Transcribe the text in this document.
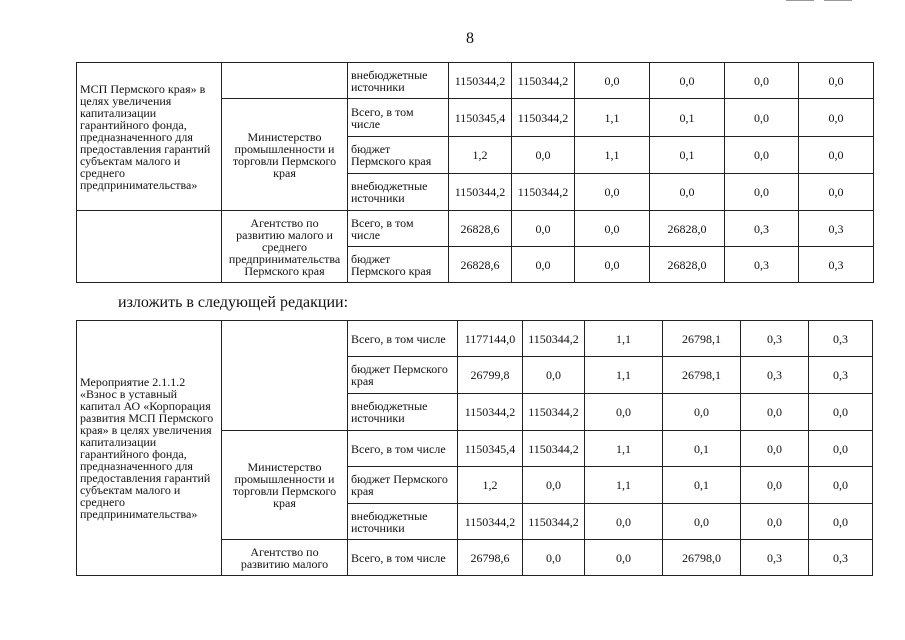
8
МСП Пермского края» в целях увеличения капитализации гарантийного фонда, предназначенного для предоставления гарантий субъектам малого и среднего предпринимательства»		внебюджетные источники	1150344,2	1150344,2	0,0	0,0	0,0	0,0
	Министерство промышленности и торговли Пермского края	Всего, в том числе	1150345,4	1150344,2	1,1	0,1	0,0	0,0
		бюджет Пермского края	1,2	0,0	1,1	0,1	0,0	0,0
		внебюджетные источники	1150344,2	1150344,2	0,0	0,0	0,0	0,0
	Агентство по развитию малого и среднего предпринимательства Пермского края	Всего, в том числе	26828,6	0,0	0,0	26828,0	0,3	0,3
		бюджет Пермского края	26828,6	0,0	0,0	26828,0	0,3	0,3
изложить в следующей редакции:
Мероприятие 2.1.1.2 «Взнос в уставный капитал АО «Корпорация развития МСП Пермского края» в целях увеличения капитализации гарантийного фонда, предназначенного для предоставления гарантий субъектам малого и среднего предпринимательства»		Всего, в том числе	1177144,0	1150344,2	1,1	26798,1	0,3	0,3
		бюджет Пермского края	26799,8	0,0	1,1	26798,1	0,3	0,3
		внебюджетные источники	1150344,2	1150344,2	0,0	0,0	0,0	0,0
	Министерство промышленности и торговли Пермского края	Всего, в том числе	1150345,4	1150344,2	1,1	0,1	0,0	0,0
		бюджет Пермского края	1,2	0,0	1,1	0,1	0,0	0,0
		внебюджетные источники	1150344,2	1150344,2	0,0	0,0	0,0	0,0
	Агентство по развитию малого	Всего, в том числе	26798,6	0,0	0,0	26798,0	0,3	0,3
